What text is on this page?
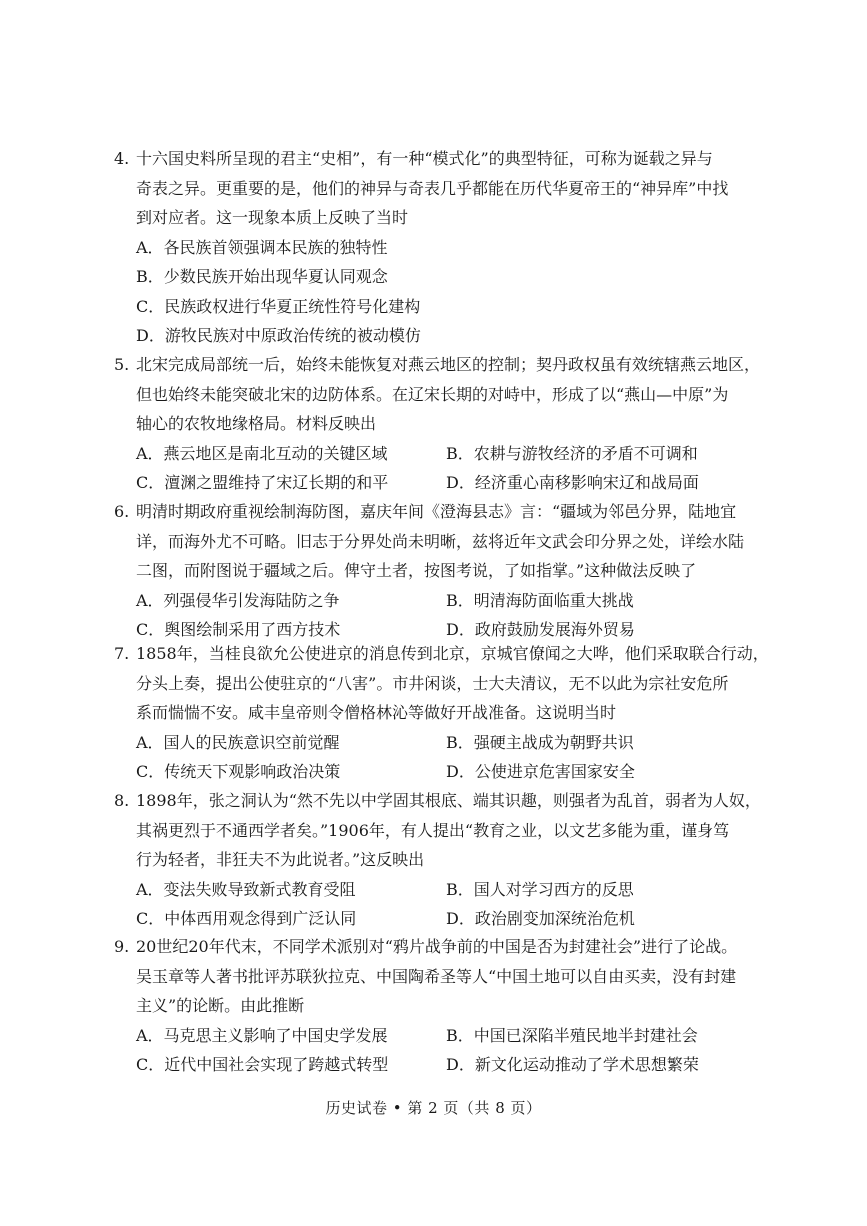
4. 十六国史料所呈现的君主“史相”，有一种“模式化”的典型特征，可称为诞载之异与
奇表之异。更重要的是，他们的神异与奇表几乎都能在历代华夏帝王的“神异库”中找
到对应者。这一现象本质上反映了当时
A．各民族首领强调本民族的独特性
B．少数民族开始出现华夏认同观念
C．民族政权进行华夏正统性符号化建构
D．游牧民族对中原政治传统的被动模仿
5. 北宋完成局部统一后，始终未能恢复对燕云地区的控制；契丹政权虽有效统辖燕云地区，
但也始终未能突破北宋的边防体系。在辽宋长期的对峙中，形成了以“燕山—中原”为
轴心的农牧地缘格局。材料反映出
A．燕云地区是南北互动的关键区域	B．农耕与游牧经济的矛盾不可调和
C．澶渊之盟维持了宋辽长期的和平	D．经济重心南移影响宋辽和战局面
6. 明清时期政府重视绘制海防图，嘉庆年间《澄海县志》言：“疆域为邻邑分界，陆地宜
详，而海外尤不可略。旧志于分界处尚未明晰，兹将近年文武会印分界之处，详绘水陆
二图，而附图说于疆域之后。俾守土者，按图考说，了如指掌。”这种做法反映了
A．列强侵华引发海陆防之争	B．明清海防面临重大挑战
C．舆图绘制采用了西方技术	D．政府鼓励发展海外贸易
7. 1858年，当桂良欲允公使进京的消息传到北京，京城官僚闻之大哗，他们采取联合行动，
分头上奏，提出公使驻京的“八害”。市井闲谈，士大夫清议，无不以此为宗社安危所
系而惴惴不安。咸丰皇帝则令僧格林沁等做好开战准备。这说明当时
A．国人的民族意识空前觉醒	B．强硬主战成为朝野共识
C．传统天下观影响政治决策	D．公使进京危害国家安全
8. 1898年，张之洞认为“然不先以中学固其根底、端其识趣，则强者为乱首，弱者为人奴，
其祸更烈于不通西学者矣。”1906年，有人提出“教育之业，以文艺多能为重，谨身笃
行为轻者，非狂夫不为此说者。”这反映出
A．变法失败导致新式教育受阻	B．国人对学习西方的反思
C．中体西用观念得到广泛认同	D．政治剧变加深统治危机
9. 20世纪20年代末，不同学术派别对“鸦片战争前的中国是否为封建社会”进行了论战。
吴玉章等人著书批评苏联狄拉克、中国陶希圣等人“中国土地可以自由买卖，没有封建
主义”的论断。由此推断
A．马克思主义影响了中国史学发展	B．中国已深陷半殖民地半封建社会
C．近代中国社会实现了跨越式转型	D．新文化运动推动了学术思想繁荣
历史试卷 • 第 2 页（共 8 页）
